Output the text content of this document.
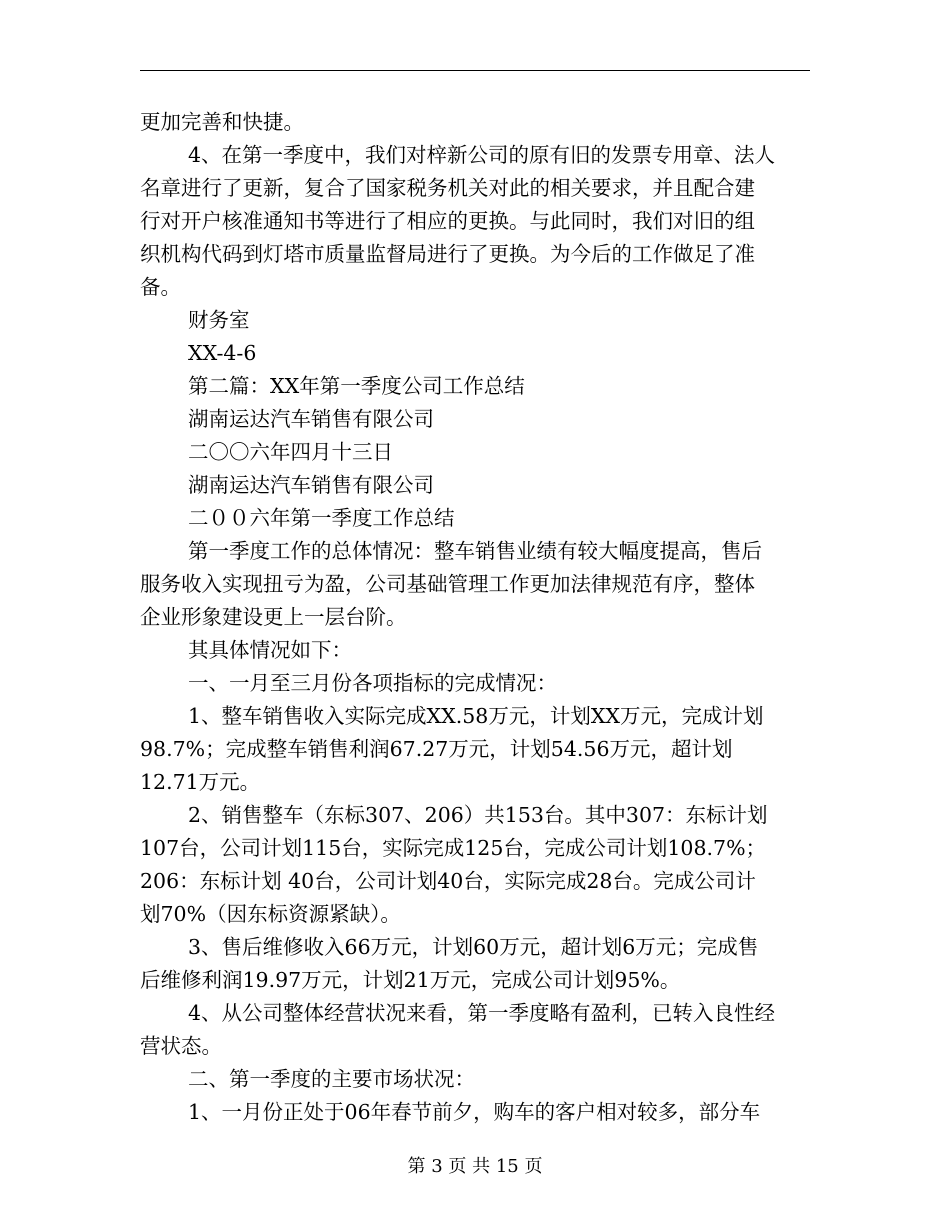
更加完善和快捷。
4、在第一季度中，我们对梓新公司的原有旧的发票专用章、法人
名章进行了更新，复合了国家税务机关对此的相关要求，并且配合建
行对开户核准通知书等进行了相应的更换。与此同时，我们对旧的组
织机构代码到灯塔市质量监督局进行了更换。为今后的工作做足了准
备。
财务室
XX-4-6
第二篇：XX年第一季度公司工作总结
湖南运达汽车销售有限公司
二〇〇六年四月十三日
湖南运达汽车销售有限公司
二００六年第一季度工作总结
第一季度工作的总体情况：整车销售业绩有较大幅度提高，售后
服务收入实现扭亏为盈，公司基础管理工作更加法律规范有序，整体
企业形象建设更上一层台阶。
其具体情况如下：
一、一月至三月份各项指标的完成情况：
1、整车销售收入实际完成XX.58万元，计划XX万元，完成计划
98.7%；完成整车销售利润67.27万元，计划54.56万元，超计划
12.71万元。
2、销售整车（东标307、206）共153台。其中307：东标计划
107台，公司计划115台，实际完成125台，完成公司计划108.7%；
206：东标计划 40台，公司计划40台，实际完成28台。完成公司计
划70%（因东标资源紧缺）。
3、售后维修收入66万元，计划60万元，超计划6万元；完成售
后维修利润19.97万元，计划21万元，完成公司计划95%。
4、从公司整体经营状况来看，第一季度略有盈利，已转入良性经
营状态。
二、第一季度的主要市场状况：
1、一月份正处于06年春节前夕，购车的客户相对较多，部分车
第 3 页 共 15 页
